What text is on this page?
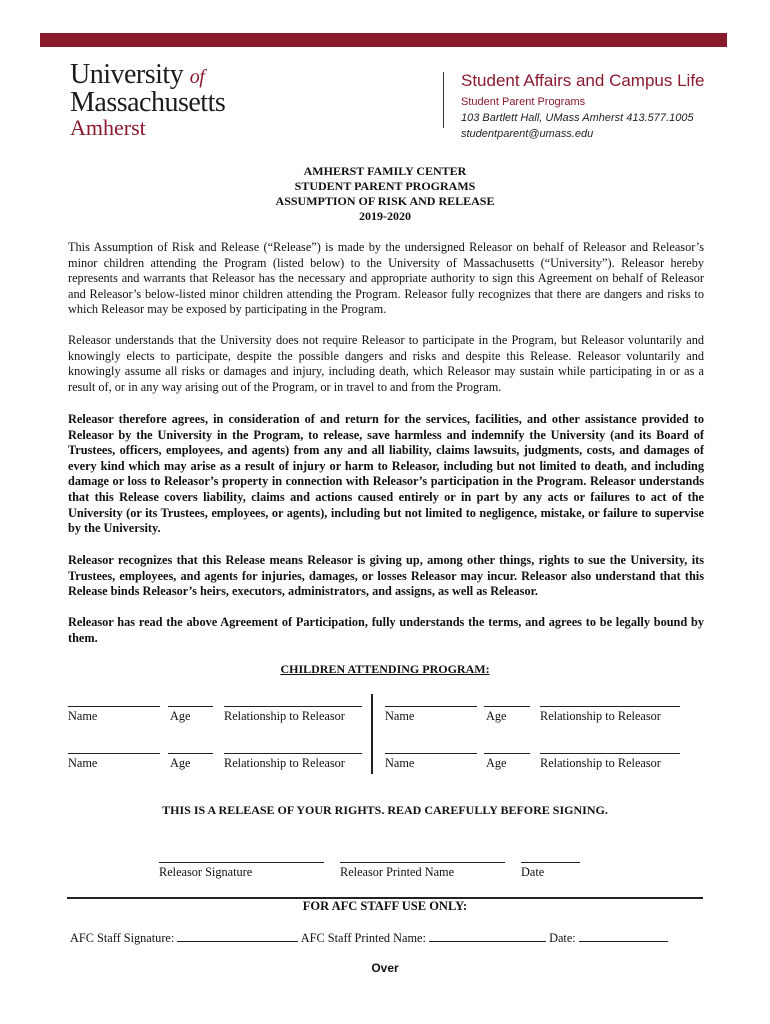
University of
Massachusetts
Amherst
Student Affairs and Campus Life
Student Parent Programs
103 Bartlett Hall, UMass Amherst 413.577.1005
studentparent@umass.edu
AMHERST FAMILY CENTER
STUDENT PARENT PROGRAMS
ASSUMPTION OF RISK AND RELEASE
2019-2020
This Assumption of Risk and Release (“Release”) is made by the undersigned Releasor on behalf of Releasor and Releasor’s minor children attending the Program (listed below) to the University of Massachusetts (“University”). Releasor hereby represents and warrants that Releasor has the necessary and appropriate authority to sign this Agreement on behalf of Releasor and Releasor’s below-listed minor children attending the Program. Releasor fully recognizes that there are dangers and risks to which Releasor may be exposed by participating in the Program.
Releasor understands that the University does not require Releasor to participate in the Program, but Releasor voluntarily and knowingly elects to participate, despite the possible dangers and risks and despite this Release. Releasor voluntarily and knowingly assume all risks or damages and injury, including death, which Releasor may sustain while participating in or as a result of, or in any way arising out of the Program, or in travel to and from the Program.
Releasor therefore agrees, in consideration of and return for the services, facilities, and other assistance provided to Releasor by the University in the Program, to release, save harmless and indemnify the University (and its Board of Trustees, officers, employees, and agents) from any and all liability, claims lawsuits, judgments, costs, and damages of every kind which may arise as a result of injury or harm to Releasor, including but not limited to death, and including damage or loss to Releasor’s property in connection with Releasor’s participation in the Program. Releasor understands that this Release covers liability, claims and actions caused entirely or in part by any acts or failures to act of the University (or its Trustees, employees, or agents), including but not limited to negligence, mistake, or failure to supervise by the University.
Releasor recognizes that this Release means Releasor is giving up, among other things, rights to sue the University, its Trustees, employees, and agents for injuries, damages, or losses Releasor may incur. Releasor also understand that this Release binds Releasor’s heirs, executors, administrators, and assigns, as well as Releasor.
Releasor has read the above Agreement of Participation, fully understands the terms, and agrees to be legally bound by them.
CHILDREN ATTENDING PROGRAM:
Name	Age	Relationship to Releasor	Name	Age	Relationship to Releasor
Name	Age	Relationship to Releasor	Name	Age	Relationship to Releasor
THIS IS A RELEASE OF YOUR RIGHTS. READ CAREFULLY BEFORE SIGNING.
Releasor Signature	Releasor Printed Name	Date
FOR AFC STAFF USE ONLY:
AFC Staff Signature:	AFC Staff Printed Name:	Date:
Over
